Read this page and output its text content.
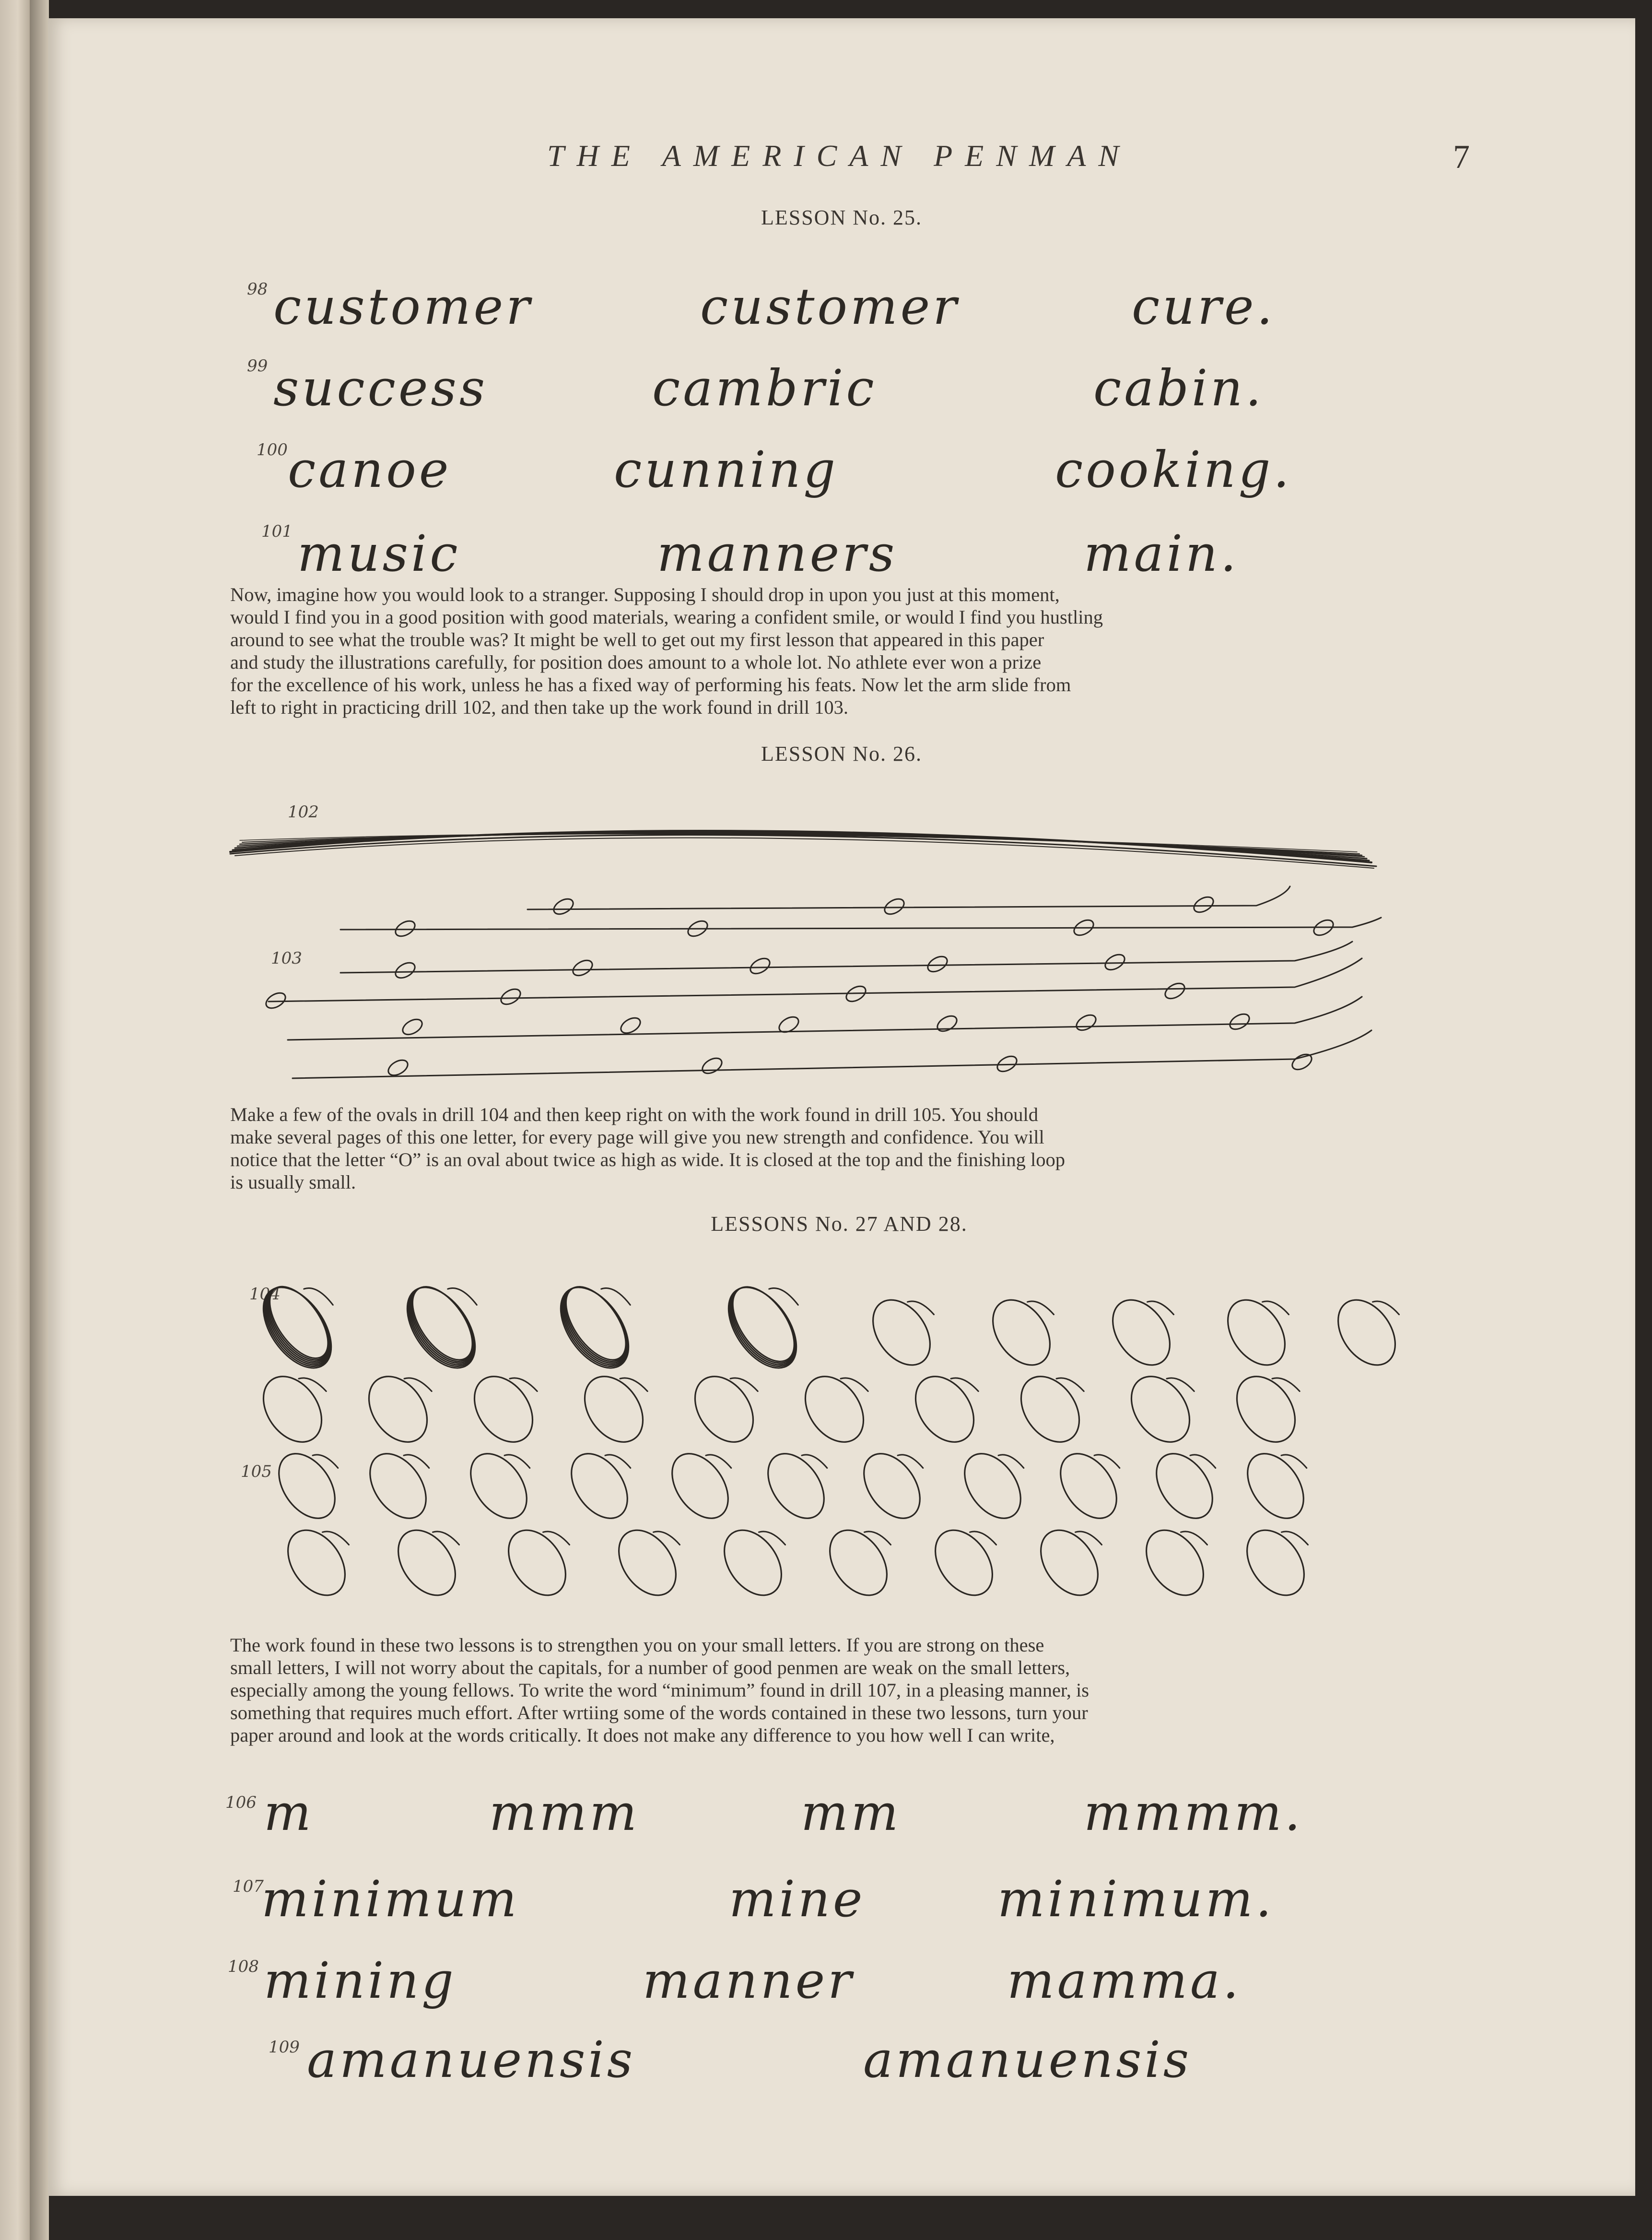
THE AMERICAN PENMAN	7
LESSON No. 25.
98 customer	customer	cure.
99 success	cambric	cabin.
100 canoe	cunning	cooking.
101 music	manners	main.
Now, imagine how you would look to a stranger. Supposing I should drop in upon you just at this moment,
would I find you in a good position with good materials, wearing a confident smile, or would I find you hustling
around to see what the trouble was? It might be well to get out my first lesson that appeared in this paper
and study the illustrations carefully, for position does amount to a whole lot. No athlete ever won a prize
for the excellence of his work, unless he has a fixed way of performing his feats. Now let the arm slide from
left to right in practicing drill 102, and then take up the work found in drill 103.
LESSON No. 26.
102
103
Make a few of the ovals in drill 104 and then keep right on with the work found in drill 105. You should
make several pages of this one letter, for every page will give you new strength and confidence. You will
notice that the letter “O” is an oval about twice as high as wide. It is closed at the top and the finishing loop
is usually small.
LESSONS No. 27 AND 28.
104
105
The work found in these two lessons is to strengthen you on your small letters. If you are strong on these
small letters, I will not worry about the capitals, for a number of good penmen are weak on the small letters,
especially among the young fellows. To write the word “minimum” found in drill 107, in a pleasing manner, is
something that requires much effort. After wrtiing some of the words contained in these two lessons, turn your
paper around and look at the words critically. It does not make any difference to you how well I can write,
106 m	mmm	mm	mmmm.
107
minimum	mine	minimum.
108 mining	manner	mamma.
109 amanuensis	amanuensis
